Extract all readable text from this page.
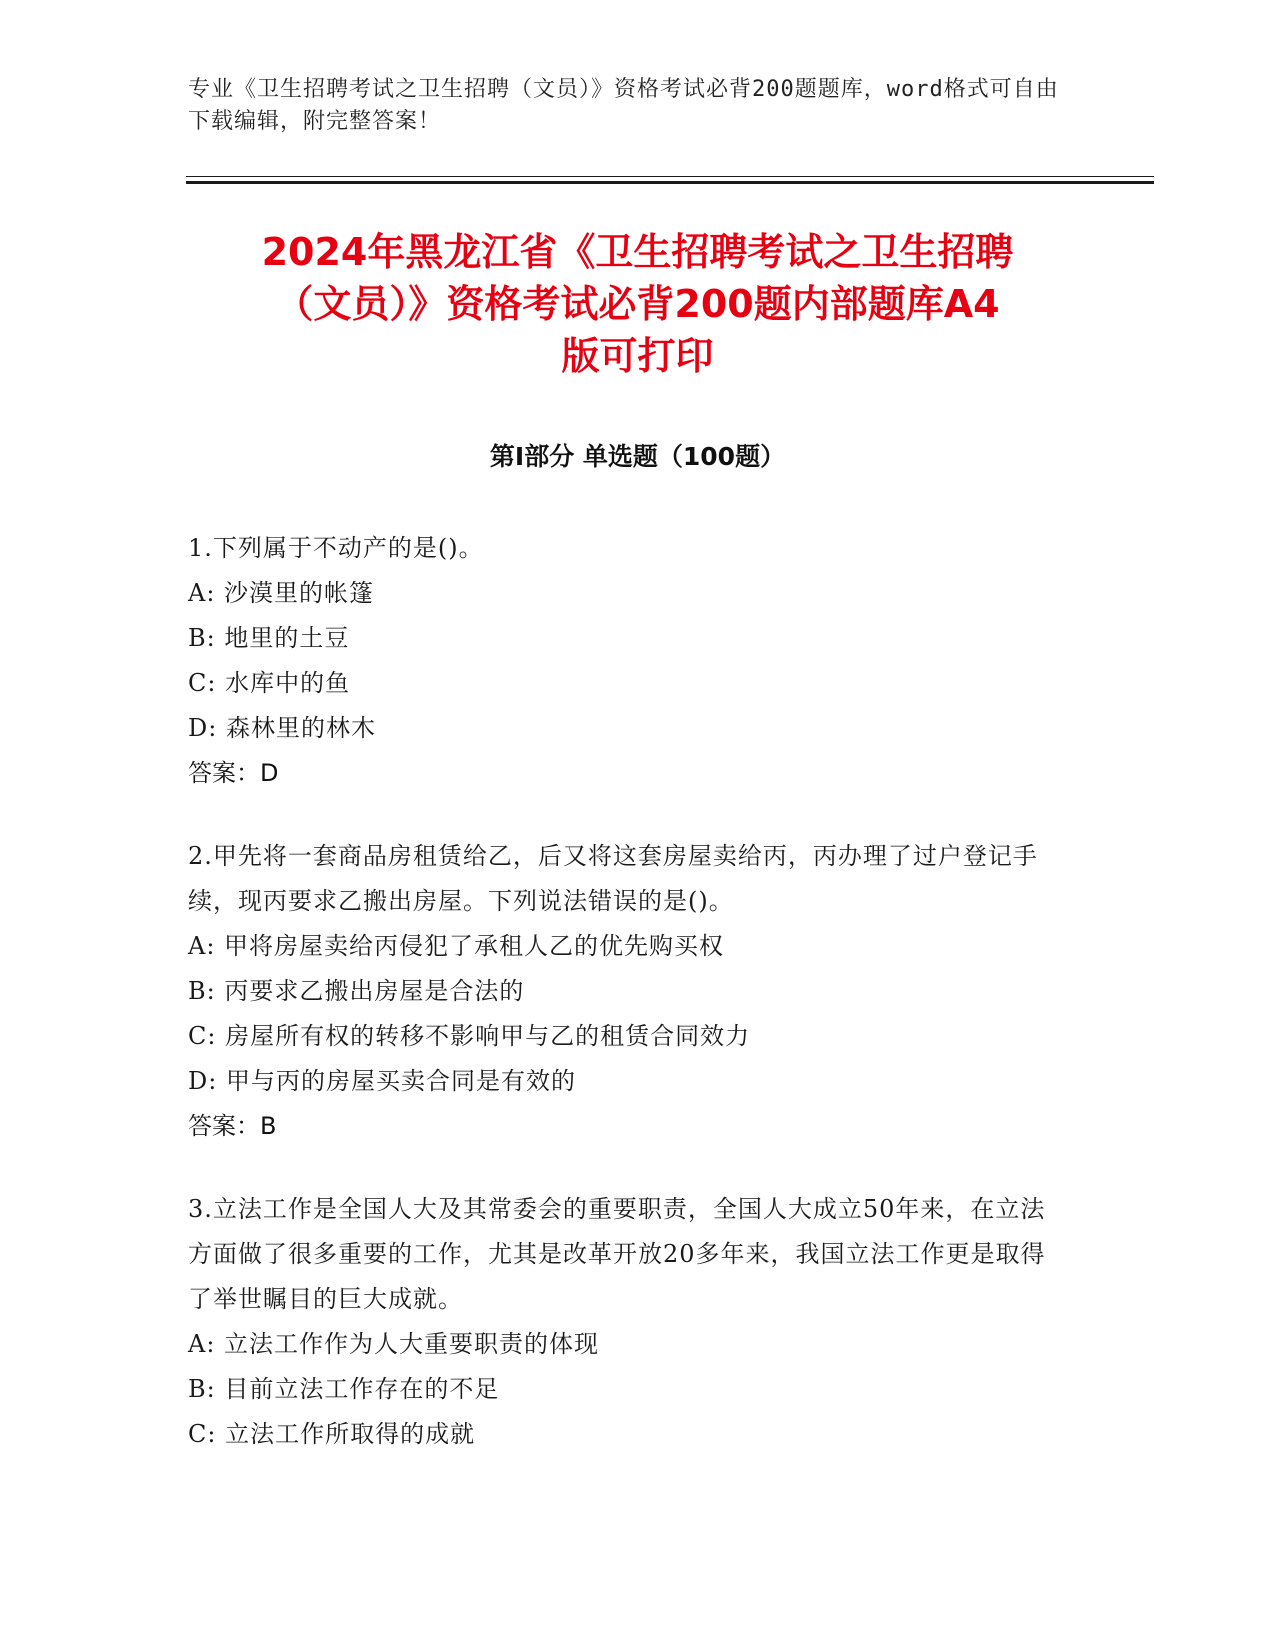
专业《卫生招聘考试之卫生招聘（文员）》资格考试必背200题题库，word格式可自由下载编辑，附完整答案！
2024年黑龙江省《卫生招聘考试之卫生招聘
（文员）》资格考试必背200题内部题库A4
版可打印
第I部分 单选题（100题）
1.下列属于不动产的是()。
A: 沙漠里的帐篷
B: 地里的土豆
C: 水库中的鱼
D: 森林里的林木
答案：D
2.甲先将一套商品房租赁给乙，后又将这套房屋卖给丙，丙办理了过户登记手续，现丙要求乙搬出房屋。下列说法错误的是()。
A: 甲将房屋卖给丙侵犯了承租人乙的优先购买权
B: 丙要求乙搬出房屋是合法的
C: 房屋所有权的转移不影响甲与乙的租赁合同效力
D: 甲与丙的房屋买卖合同是有效的
答案：B
3.立法工作是全国人大及其常委会的重要职责，全国人大成立50年来，在立法方面做了很多重要的工作，尤其是改革开放20多年来，我国立法工作更是取得了举世瞩目的巨大成就。
A: 立法工作作为人大重要职责的体现
B: 目前立法工作存在的不足
C: 立法工作所取得的成就
